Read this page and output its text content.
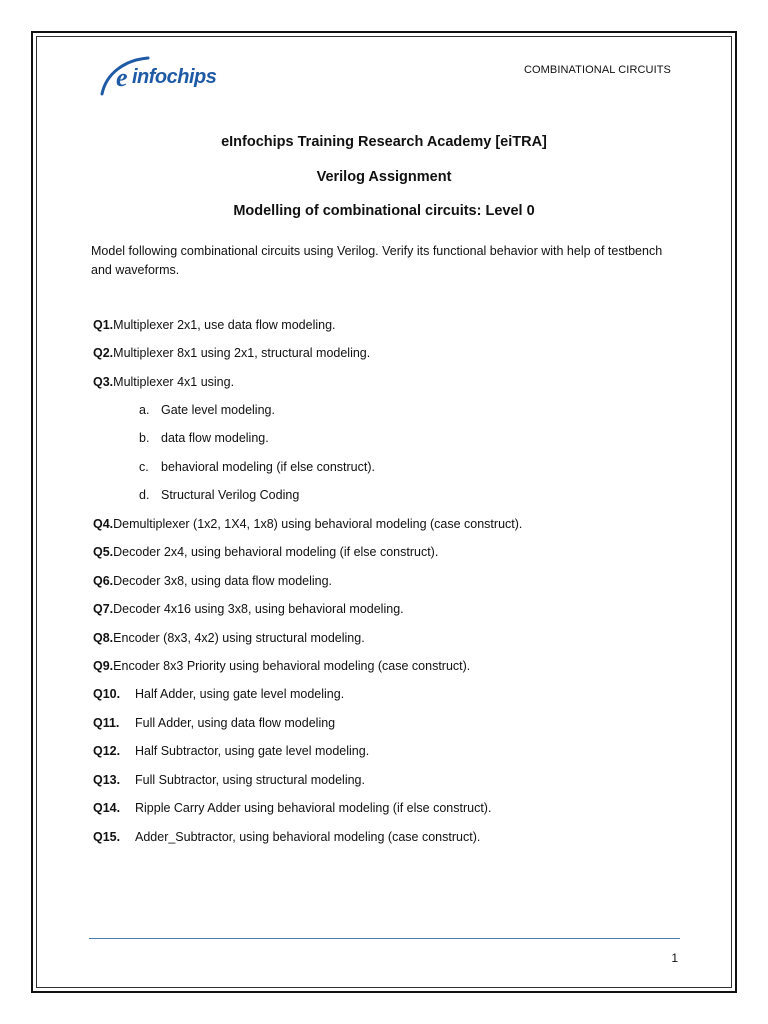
e infochips	COMBINATIONAL CIRCUITS
eInfochips Training Research Academy [eiTRA]
Verilog Assignment
Modelling of combinational circuits: Level 0
Model following combinational circuits using Verilog. Verify its functional behavior with help of testbench and waveforms.
Q1.Multiplexer 2x1, use data flow modeling.
Q2.Multiplexer 8x1 using 2x1, structural modeling.
Q3.Multiplexer 4x1 using.
a. Gate level modeling.
b. data flow modeling.
c. behavioral modeling (if else construct).
d. Structural Verilog Coding
Q4.Demultiplexer (1x2, 1X4, 1x8) using behavioral modeling (case construct).
Q5.Decoder 2x4, using behavioral modeling (if else construct).
Q6.Decoder 3x8, using data flow modeling.
Q7.Decoder 4x16 using 3x8, using behavioral modeling.
Q8.Encoder (8x3, 4x2) using structural modeling.
Q9.Encoder 8x3 Priority using behavioral modeling (case construct).
Q10. Half Adder, using gate level modeling.
Q11. Full Adder, using data flow modeling
Q12. Half Subtractor, using gate level modeling.
Q13. Full Subtractor, using structural modeling.
Q14. Ripple Carry Adder using behavioral modeling (if else construct).
Q15. Adder_Subtractor, using behavioral modeling (case construct).
1
